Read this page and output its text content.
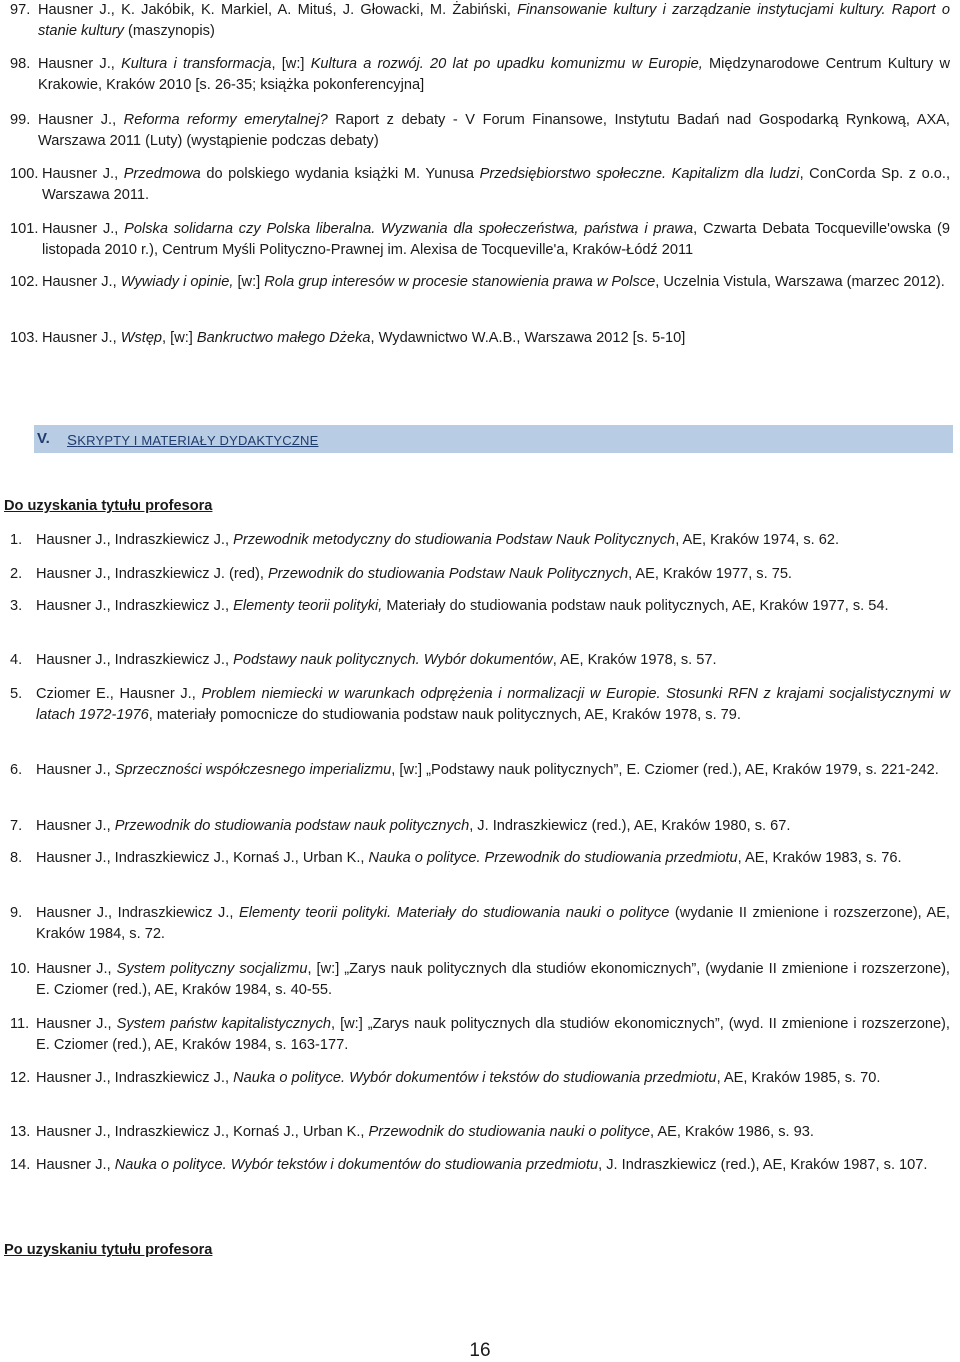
97. Hausner J., K. Jakóbik, K. Markiel, A. Mituś, J. Głowacki, M. Żabiński, Finansowanie kultury i zarządzanie instytucjami kultury. Raport o stanie kultury (maszynopis)
98. Hausner J., Kultura i transformacja, [w:] Kultura a rozwój. 20 lat po upadku komunizmu w Europie, Międzynarodowe Centrum Kultury w Krakowie, Kraków 2010 [s. 26-35; książka pokonferencyjna]
99. Hausner J., Reforma reformy emerytalnej? Raport z debaty - V Forum Finansowe, Instytutu Badań nad Gospodarką Rynkową, AXA, Warszawa 2011 (Luty) (wystąpienie podczas debaty)
100. Hausner J., Przedmowa do polskiego wydania książki M. Yunusa Przedsiębiorstwo społeczne. Kapitalizm dla ludzi, ConCorda Sp. z o.o., Warszawa 2011.
101. Hausner J., Polska solidarna czy Polska liberalna. Wyzwania dla społeczeństwa, państwa i prawa, Czwarta Debata Tocqueville'owska (9 listopada 2010 r.), Centrum Myśli Polityczno-Prawnej im. Alexisa de Tocqueville'a, Kraków-Łódź 2011
102. Hausner J., Wywiady i opinie, [w:] Rola grup interesów w procesie stanowienia prawa w Polsce, Uczelnia Vistula, Warszawa (marzec 2012).
103. Hausner J., Wstęp, [w:] Bankructwo małego Dżeka, Wydawnictwo W.A.B., Warszawa 2012 [s. 5-10]
V. SKRYPTY I MATERIAŁY DYDAKTYCZNE
Do uzyskania tytułu profesora
1. Hausner J., Indraszkiewicz J., Przewodnik metodyczny do studiowania Podstaw Nauk Politycznych, AE, Kraków 1974, s. 62.
2. Hausner J., Indraszkiewicz J. (red), Przewodnik do studiowania Podstaw Nauk Politycznych, AE, Kraków 1977, s. 75.
3. Hausner J., Indraszkiewicz J., Elementy teorii polityki, Materiały do studiowania podstaw nauk politycznych, AE, Kraków 1977, s. 54.
4. Hausner J., Indraszkiewicz J., Podstawy nauk politycznych. Wybór dokumentów, AE, Kraków 1978, s. 57.
5. Cziomer E., Hausner J., Problem niemiecki w warunkach odprężenia i normalizacji w Europie. Stosunki RFN z krajami socjalistycznymi w latach 1972-1976, materiały pomocnicze do studiowania podstaw nauk politycznych, AE, Kraków 1978, s. 79.
6. Hausner J., Sprzeczności współczesnego imperializmu, [w:] „Podstawy nauk politycznych”, E. Cziomer (red.), AE, Kraków 1979, s. 221-242.
7. Hausner J., Przewodnik do studiowania podstaw nauk politycznych, J. Indraszkiewicz (red.), AE, Kraków 1980, s. 67.
8. Hausner J., Indraszkiewicz J., Kornaś J., Urban K., Nauka o polityce. Przewodnik do studiowania przedmiotu, AE, Kraków 1983, s. 76.
9. Hausner J., Indraszkiewicz J., Elementy teorii polityki. Materiały do studiowania nauki o polityce (wydanie II zmienione i rozszerzone), AE, Kraków 1984, s. 72.
10. Hausner J., System polityczny socjalizmu, [w:] „Zarys nauk politycznych dla studiów ekonomicznych”, (wydanie II zmienione i rozszerzone), E. Cziomer (red.), AE, Kraków 1984, s. 40-55.
11. Hausner J., System państw kapitalistycznych, [w:] „Zarys nauk politycznych dla studiów ekonomicznych”, (wyd. II zmienione i rozszerzone), E. Cziomer (red.), AE, Kraków 1984, s. 163-177.
12. Hausner J., Indraszkiewicz J., Nauka o polityce. Wybór dokumentów i tekstów do studiowania przedmiotu, AE, Kraków 1985, s. 70.
13. Hausner J., Indraszkiewicz J., Kornaś J., Urban K., Przewodnik do studiowania nauki o polityce, AE, Kraków 1986, s. 93.
14. Hausner J., Nauka o polityce. Wybór tekstów i dokumentów do studiowania przedmiotu, J. Indraszkiewicz (red.), AE, Kraków 1987, s. 107.
Po uzyskaniu tytułu profesora
16
